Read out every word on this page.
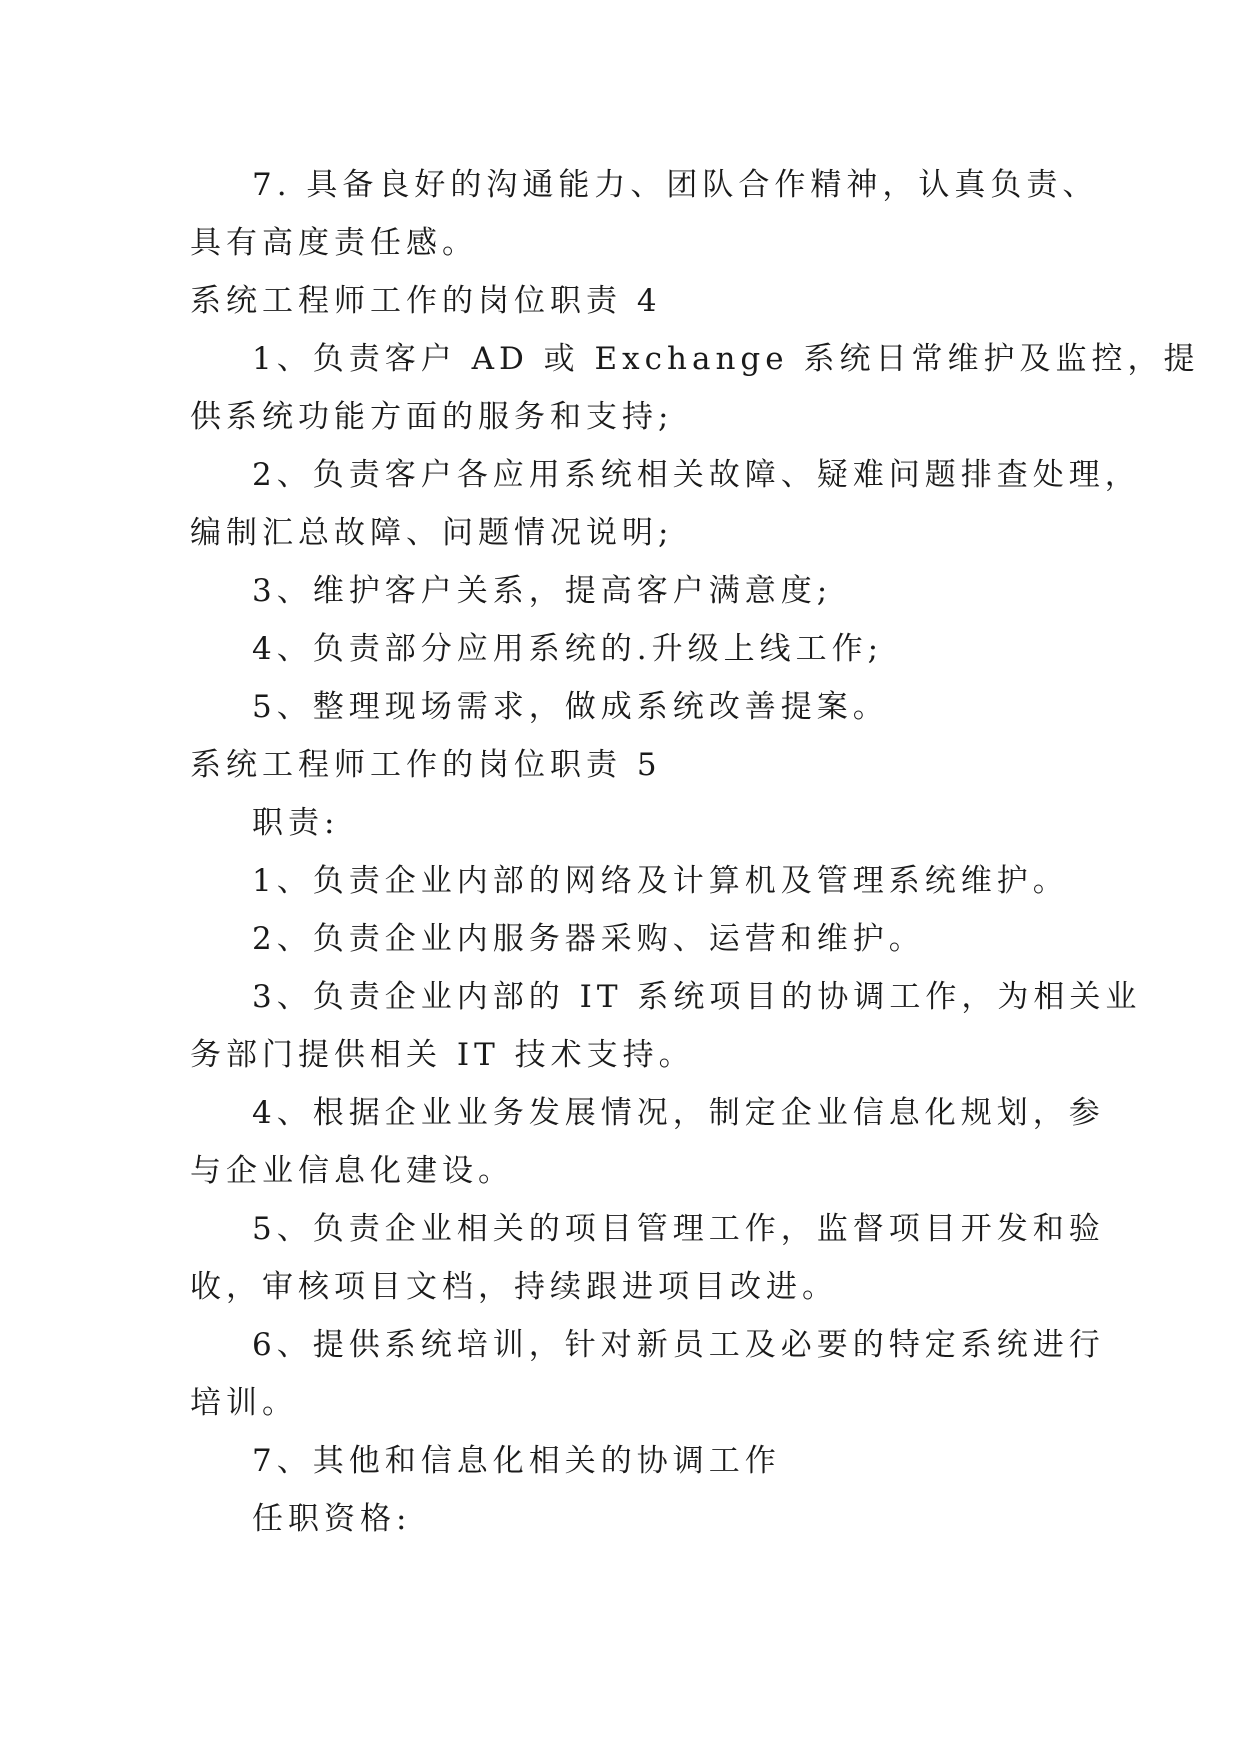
7. 具备良好的沟通能力、团队合作精神，认真负责、
具有高度责任感。
系统工程师工作的岗位职责 4
1、负责客户 AD 或 Exchange 系统日常维护及监控，提
供系统功能方面的服务和支持;
2、负责客户各应用系统相关故障、疑难问题排查处理，
编制汇总故障、问题情况说明;
3、维护客户关系，提高客户满意度;
4、负责部分应用系统的.升级上线工作;
5、整理现场需求，做成系统改善提案。
系统工程师工作的岗位职责 5
职责:
1、负责企业内部的网络及计算机及管理系统维护。
2、负责企业内服务器采购、运营和维护。
3、负责企业内部的 IT 系统项目的协调工作，为相关业
务部门提供相关 IT 技术支持。
4、根据企业业务发展情况，制定企业信息化规划，参
与企业信息化建设。
5、负责企业相关的项目管理工作，监督项目开发和验
收，审核项目文档，持续跟进项目改进。
6、提供系统培训，针对新员工及必要的特定系统进行
培训。
7、其他和信息化相关的协调工作
任职资格:
